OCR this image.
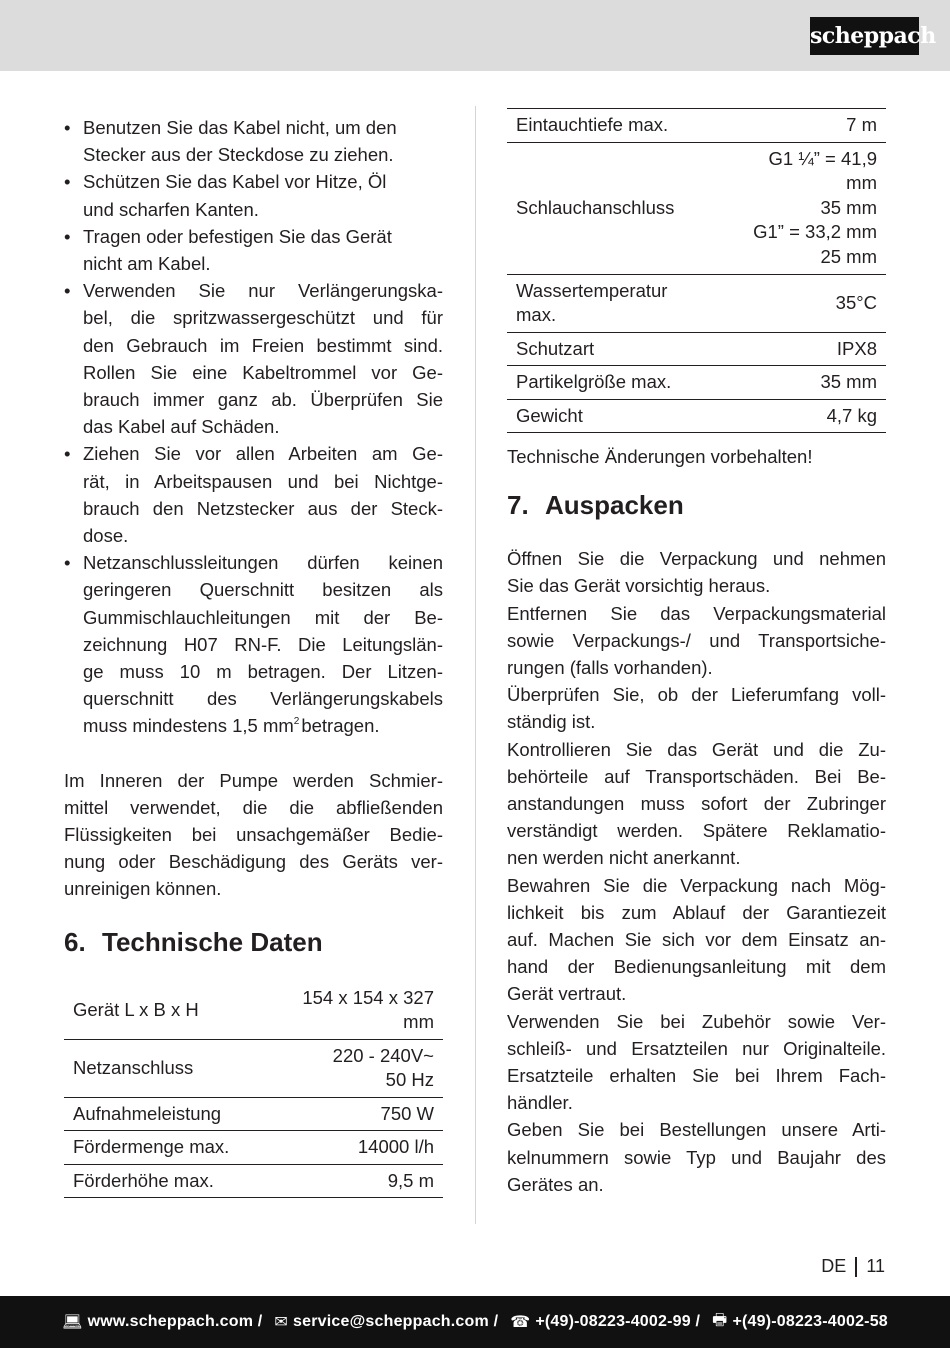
scheppach
• Benutzen Sie das Kabel nicht, um den
Stecker aus der Steckdose zu ziehen.
• Schützen Sie das Kabel vor Hitze, Öl
und scharfen Kanten.
• Tragen oder befestigen Sie das Gerät
nicht am Kabel.
• Verwenden Sie nur Verlängerungska-
bel, die spritzwassergeschützt und für
den Gebrauch im Freien bestimmt sind.
Rollen Sie eine Kabeltrommel vor Ge-
brauch immer ganz ab. Überprüfen Sie
das Kabel auf Schäden.
• Ziehen Sie vor allen Arbeiten am Ge-
rät, in Arbeitspausen und bei Nichtge-
brauch den Netzstecker aus der Steck-
dose.
• Netzanschlussleitungen dürfen keinen
geringeren Querschnitt besitzen als
Gummischlauchleitungen mit der Be-
zeichnung H07 RN-F. Die Leitungslän-
ge muss 10 m betragen. Der Litzen-
querschnitt des Verlängerungskabels
muss mindestens 1,5 $mm^2$ betragen.
Im Inneren der Pumpe werden Schmier-
mittel verwendet, die die abfließenden
Flüssigkeiten bei unsachgemäßer Bedie-
nung oder Beschädigung des Geräts ver-
unreinigen können.
6. Technische Daten
Gerät L x B x H	154 x 154 x 327
mm

Netzanschluss	220 - 240V~
50 Hz

Aufnahmeleistung	750 W
Fördermenge max.	14000 l/h
Förderhöhe max.	9,5 m
Eintauchtiefe max.	7 m
Schlauchanschluss	G1 ¼” = 41,9
mm
35 mm
G1” = 33,2 mm
25 mm

Wassertemperatur
max.	35°C
Schutzart	IPX8
Partikelgröße max.	35 mm
Gewicht	4,7 kg
Technische Änderungen vorbehalten!
7. Auspacken
Öffnen Sie die Verpackung und nehmen
Sie das Gerät vorsichtig heraus.
Entfernen Sie das Verpackungsmaterial
sowie Verpackungs-/ und Transportsiche-
rungen (falls vorhanden).
Überprüfen Sie, ob der Lieferumfang voll-
ständig ist.
Kontrollieren Sie das Gerät und die Zu-
behörteile auf Transportschäden. Bei Be-
anstandungen muss sofort der Zubringer
verständigt werden. Spätere Reklamatio-
nen werden nicht anerkannt.
Bewahren Sie die Verpackung nach Mög-
lichkeit bis zum Ablauf der Garantiezeit
auf. Machen Sie sich vor dem Einsatz an-
hand der Bedienungsanleitung mit dem
Gerät vertraut.
Verwenden Sie bei Zubehör sowie Ver-
schleiß- und Ersatzteilen nur Originalteile.
Ersatzteile erhalten Sie bei Ihrem Fach-
händler.
Geben Sie bei Bestellungen unsere Arti-
kelnummern sowie Typ und Baujahr des
Gerätes an.
DE 11
💻︎ www.scheppach.com / ✉︎ service@scheppach.com / ☎ +(49)-08223-4002-99 / 🖶︎ +(49)-08223-4002-58
